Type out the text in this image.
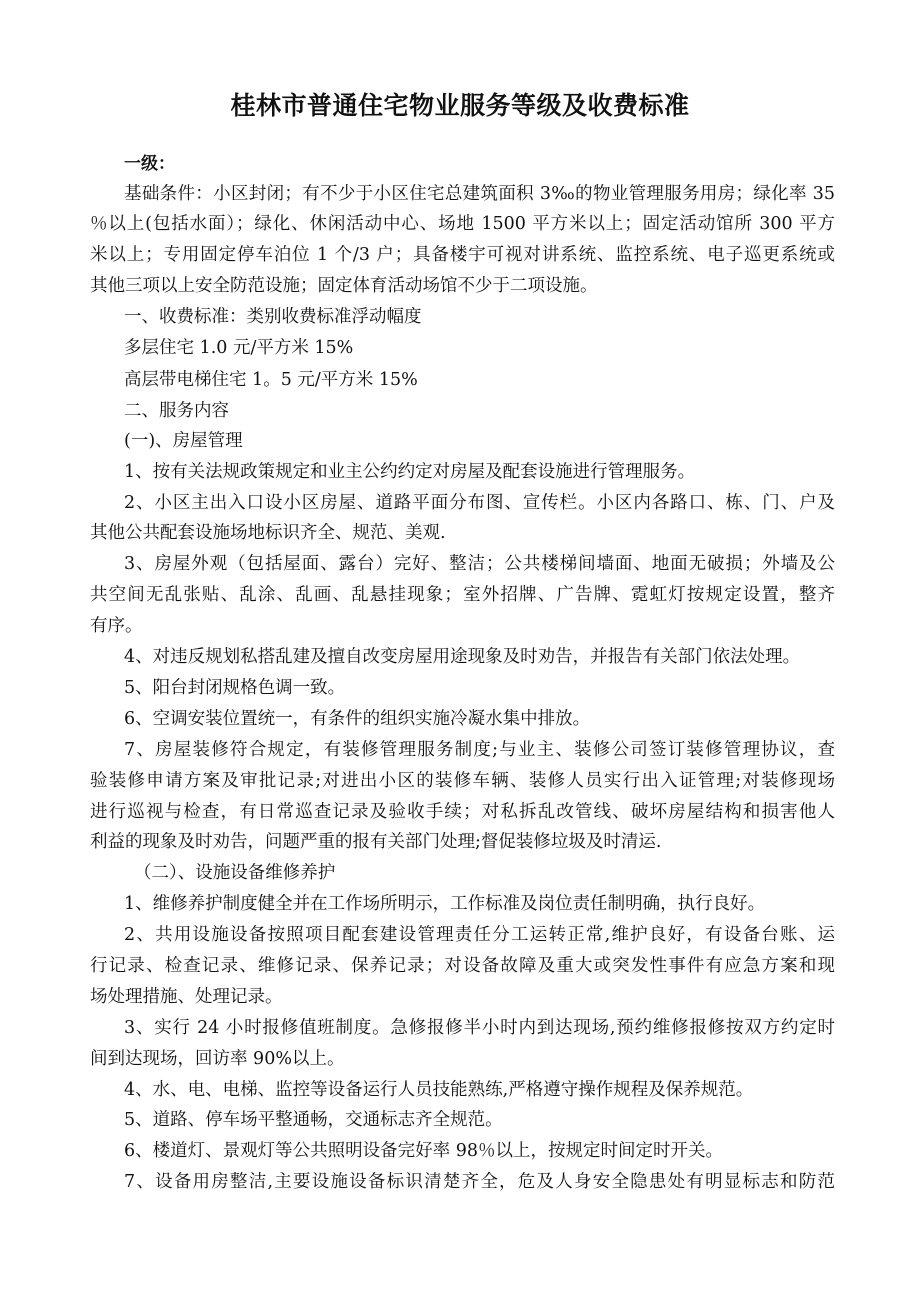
桂林市普通住宅物业服务等级及收费标准
一级：
基础条件：小区封闭；有不少于小区住宅总建筑面积 3‰的物业管理服务用房；绿化率 35
％以上(包括水面）；绿化、休闲活动中心、场地 1500 平方米以上；固定活动馆所 300 平方
米以上；专用固定停车泊位 1 个/3 户；具备楼宇可视对讲系统、监控系统、电子巡更系统或
其他三项以上安全防范设施；固定体育活动场馆不少于二项设施。
一、收费标准：类别收费标准浮动幅度
多层住宅 1.0 元/平方米 15%
高层带电梯住宅 1。5 元/平方米 15%
二、服务内容
(一)、房屋管理
1、按有关法规政策规定和业主公约约定对房屋及配套设施进行管理服务。
2、小区主出入口设小区房屋、道路平面分布图、宣传栏。小区内各路口、栋、门、户及
其他公共配套设施场地标识齐全、规范、美观.
3、房屋外观（包括屋面、露台）完好、整洁；公共楼梯间墙面、地面无破损；外墙及公
共空间无乱张贴、乱涂、乱画、乱悬挂现象；室外招牌、广告牌、霓虹灯按规定设置，整齐
有序。
4、对违反规划私搭乱建及擅自改变房屋用途现象及时劝告，并报告有关部门依法处理。
5、阳台封闭规格色调一致。
6、空调安装位置统一，有条件的组织实施冷凝水集中排放。
7、房屋装修符合规定，有装修管理服务制度;与业主、装修公司签订装修管理协议，查
验装修申请方案及审批记录;对进出小区的装修车辆、装修人员实行出入证管理;对装修现场
进行巡视与检查，有日常巡查记录及验收手续；对私拆乱改管线、破坏房屋结构和损害他人
利益的现象及时劝告，问题严重的报有关部门处理;督促装修垃圾及时清运.
（二）、设施设备维修养护
1、维修养护制度健全并在工作场所明示，工作标准及岗位责任制明确，执行良好。
2、共用设施设备按照项目配套建设管理责任分工运转正常,维护良好，有设备台账、运
行记录、检查记录、维修记录、保养记录；对设备故障及重大或突发性事件有应急方案和现
场处理措施、处理记录。
3、实行 24 小时报修值班制度。急修报修半小时内到达现场,预约维修报修按双方约定时
间到达现场，回访率 90%以上。
4、水、电、电梯、监控等设备运行人员技能熟练,严格遵守操作规程及保养规范。
5、道路、停车场平整通畅，交通标志齐全规范。
6、楼道灯、景观灯等公共照明设备完好率 98％以上，按规定时间定时开关。
7、设备用房整洁,主要设施设备标识清楚齐全，危及人身安全隐患处有明显标志和防范
